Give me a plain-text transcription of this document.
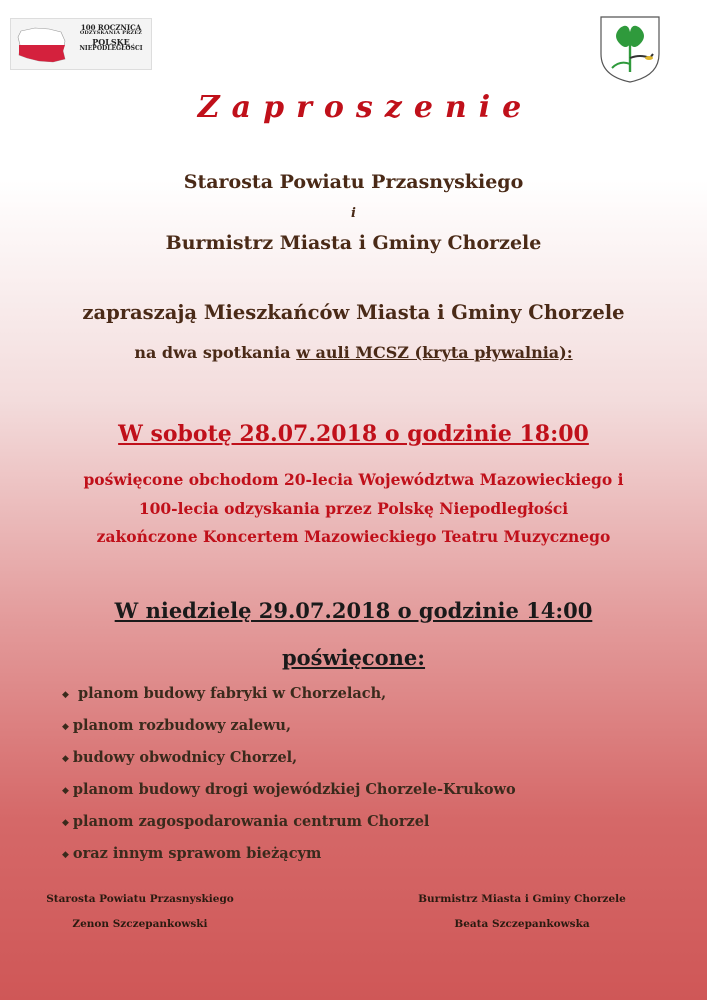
100 ROCZNICA
ODZYSKANIA PRZEZ
POLSKĘ
NIEPODLEGŁOŚCI
Zaproszenie
Starosta Powiatu Przasnyskiego
i
Burmistrz Miasta i Gminy Chorzele
zapraszają Mieszkańców Miasta i Gminy Chorzele
na dwa spotkania w auli MCSZ (kryta pływalnia):
W sobotę 28.07.2018 o godzinie 18:00
poświęcone obchodom 20-lecia Województwa Mazowieckiego i
100-lecia odzyskania przez Polskę Niepodległości
zakończone Koncertem Mazowieckiego Teatru Muzycznego
W niedzielę 29.07.2018 o godzinie 14:00
poświęcone:
◆ planom budowy fabryki w Chorzelach,
◆ planom rozbudowy zalewu,
◆ budowy obwodnicy Chorzel,
◆ planom budowy drogi wojewódzkiej Chorzele-Krukowo
◆ planom zagospodarowania centrum Chorzel
◆ oraz innym sprawom bieżącym
Starosta Powiatu Przasnyskiego
Zenon Szczepankowski
Burmistrz Miasta i Gminy Chorzele
Beata Szczepankowska
